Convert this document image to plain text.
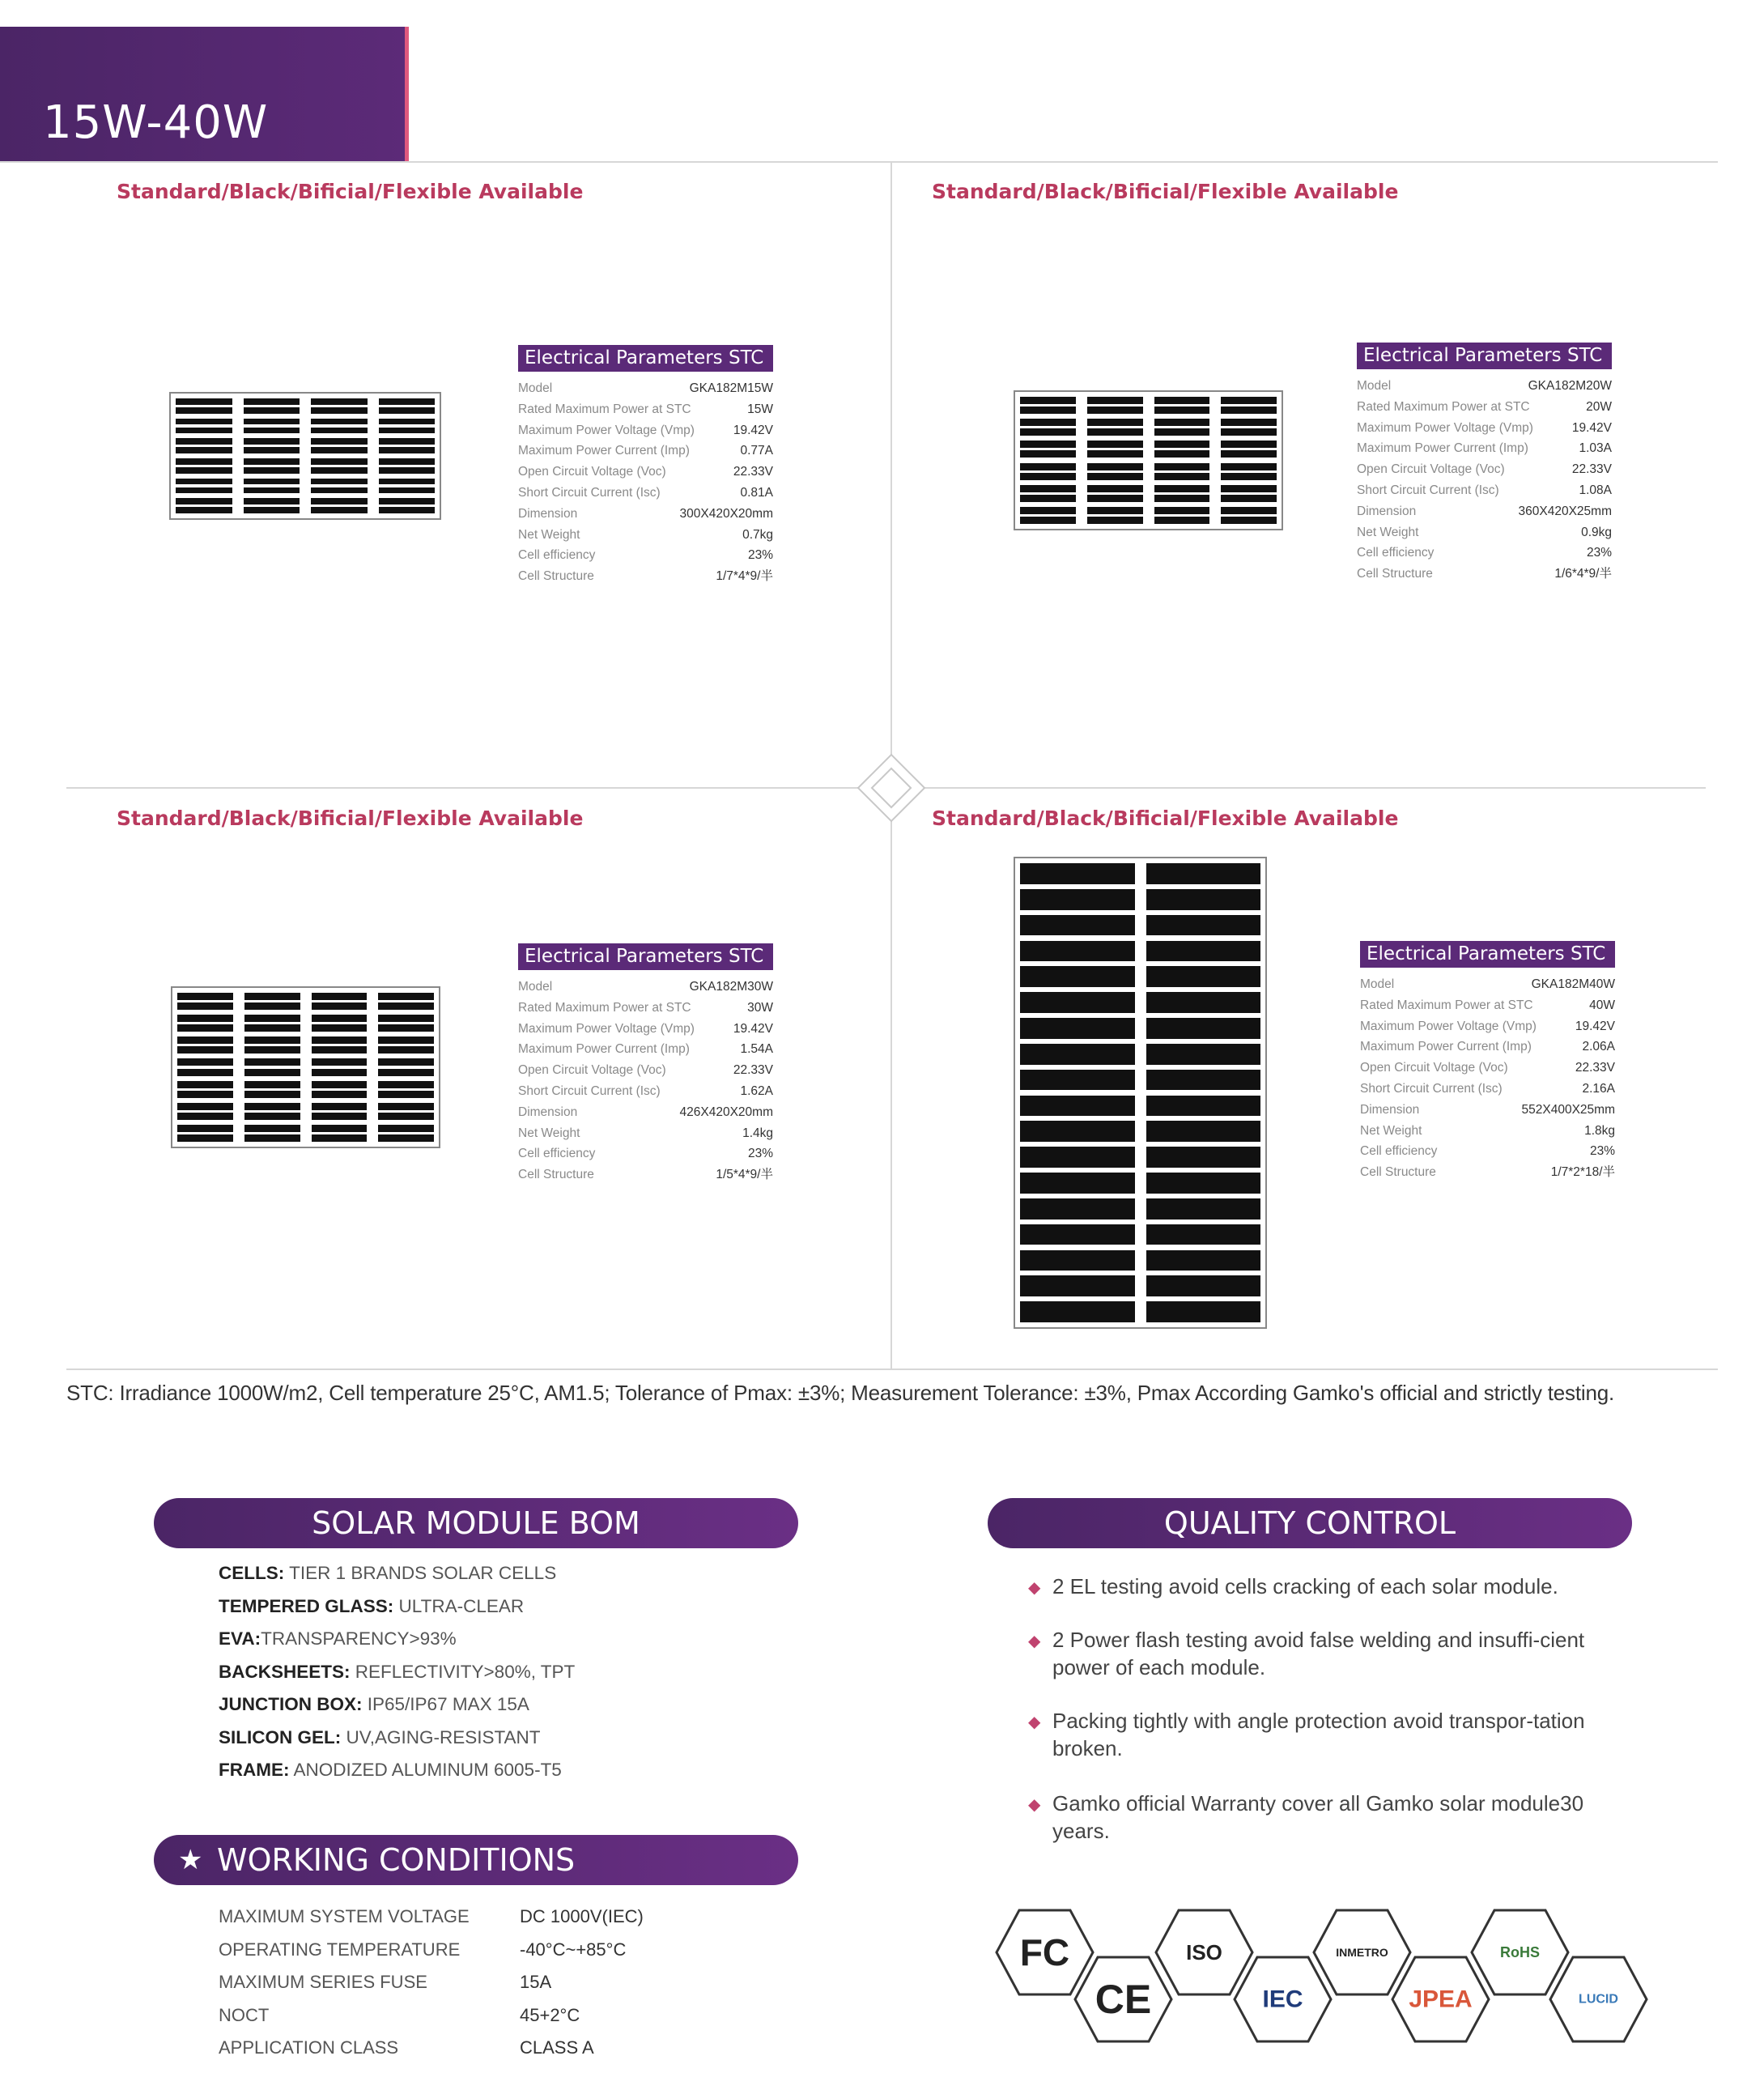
15W-40W
Standard/Black/Bificial/Flexible Available	Standard/Black/Bificial/Flexible Available
Standard/Black/Bificial/Flexible Available	Standard/Black/Bificial/Flexible Available
Electrical Parameters STC
Model	GKA182M15W
Rated Maximum Power at STC	15W
Maximum Power Voltage (Vmp)	19.42V
Maximum Power Current (Imp)	0.77A
Open Circuit Voltage (Voc)	22.33V
Short Circuit Current (Isc)	0.81A
Dimension	300X420X20mm
Net Weight	0.7kg
Cell efficiency	23%
Cell Structure	1/7*4*9/半
Electrical Parameters STC
Model	GKA182M20W
Rated Maximum Power at STC	20W
Maximum Power Voltage (Vmp)	19.42V
Maximum Power Current (Imp)	1.03A
Open Circuit Voltage (Voc)	22.33V
Short Circuit Current (Isc)	1.08A
Dimension	360X420X25mm
Net Weight	0.9kg
Cell efficiency	23%
Cell Structure	1/6*4*9/半
Electrical Parameters STC
Model	GKA182M30W
Rated Maximum Power at STC	30W
Maximum Power Voltage (Vmp)	19.42V
Maximum Power Current (Imp)	1.54A
Open Circuit Voltage (Voc)	22.33V
Short Circuit Current (Isc)	1.62A
Dimension	426X420X20mm
Net Weight	1.4kg
Cell efficiency	23%
Cell Structure	1/5*4*9/半
Electrical Parameters STC
Model	GKA182M40W
Rated Maximum Power at STC	40W
Maximum Power Voltage (Vmp)	19.42V
Maximum Power Current (Imp)	2.06A
Open Circuit Voltage (Voc)	22.33V
Short Circuit Current (Isc)	2.16A
Dimension	552X400X25mm
Net Weight	1.8kg
Cell efficiency	23%
Cell Structure	1/7*2*18/半
STC: Irradiance 1000W/m2, Cell temperature 25°C, AM1.5; Tolerance of Pmax: ±3%; Measurement Tolerance: ±3%, Pmax According Gamko's official and strictly testing.
SOLAR MODULE BOM
CELLS: TIER 1 BRANDS SOLAR CELLS
TEMPERED GLASS: ULTRA-CLEAR
EVA:TRANSPARENCY>93%
BACKSHEETS: REFLECTIVITY>80%, TPT
JUNCTION BOX: IP65/IP67 MAX 15A
SILICON GEL: UV,AGING-RESISTANT
FRAME: ANODIZED ALUMINUM 6005-T5
QUALITY CONTROL
◆ 2 EL testing avoid cells cracking of each solar module.
◆ 2 Power flash testing avoid false welding and insuffi-cient power of each module.
◆ Packing tightly with angle protection avoid transpor-tation broken.
◆ Gamko official Warranty cover all Gamko solar module30 years.
★ WORKING CONDITIONS
MAXIMUM SYSTEM VOLTAGE	DC 1000V(IEC)
OPERATING TEMPERATURE	-40°C~+85°C
MAXIMUM SERIES FUSE	15A
NOCT	45+2°C
APPLICATION CLASS	CLASS A
FC
CE
ISO
IEC
INMETRO
JPEA
RoHS
LUCID
